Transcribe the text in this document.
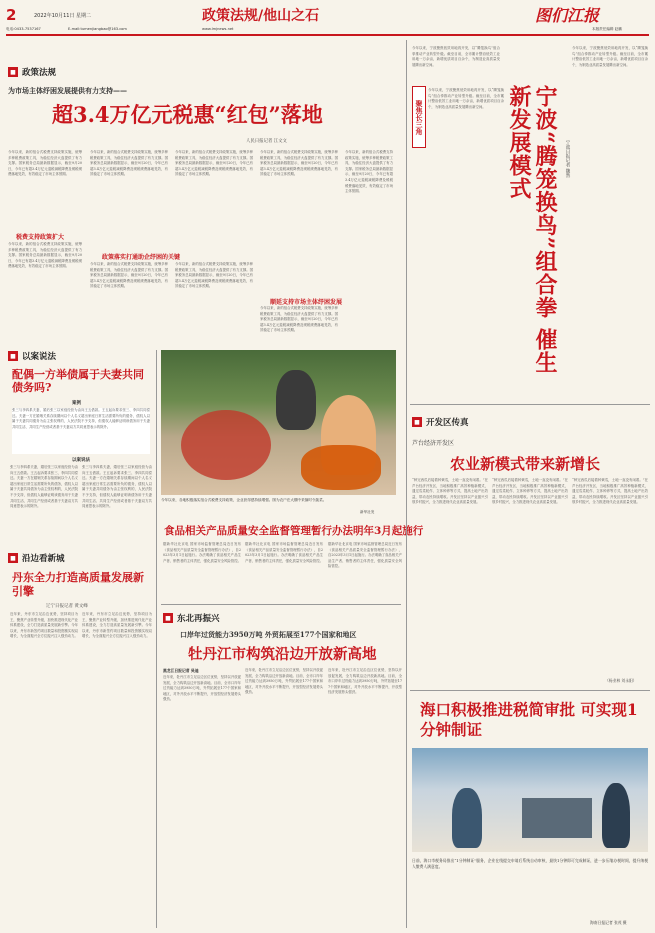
2	2022年10月11日 星期二	政策法规/他山之石	图们江报
电话:0433-7537167	E-mail:tumenjiangbao@163.com	www.lmjnews.net	本版责任编辑 赵鹏
■ 政策法规
为市场主体纾困发展提供有力支持——
超3.4万亿元税惠“红包”落地
人民日报记者 江文文
今年以来，新的组合式税费支持政策实施，统筹多种税费政策工具，为稳住经济大盘提供了有力支撑。国家税务总局最新数据显示，截至9月20日，今年已有超3.4万亿元退税减税降费及缓税缓费落地见效，有效稳定了市场主体预期。
税费支持政策扩大
今年以来，新的组合式税费支持政策实施，统筹多种税费政策工具，为稳住经济大盘提供了有力支撑。国家税务总局最新数据显示，截至9月20日，今年已有超3.4万亿元退税减税降费及缓税缓费落地见效，有效稳定了市场主体预期。
今年以来，新的组合式税费支持政策实施，统筹多种税费政策工具，为稳住经济大盘提供了有力支撑。国家税务总局最新数据显示，截至9月20日，今年已有超3.4万亿元退税减税降费及缓税缓费落地见效，有效稳定了市场主体预期。
政策落实打通助企纾困的关键
今年以来，新的组合式税费支持政策实施，统筹多种税费政策工具，为稳住经济大盘提供了有力支撑。国家税务总局最新数据显示，截至9月20日，今年已有超3.4万亿元退税减税降费及缓税缓费落地见效，有效稳定了市场主体预期。
今年以来，新的组合式税费支持政策实施，统筹多种税费政策工具，为稳住经济大盘提供了有力支撑。国家税务总局最新数据显示，截至9月20日，今年已有超3.4万亿元退税减税降费及缓税缓费落地见效，有效稳定了市场主体预期。
今年以来，新的组合式税费支持政策实施，统筹多种税费政策工具，为稳住经济大盘提供了有力支撑。国家税务总局最新数据显示，截至9月20日，今年已有超3.4万亿元退税减税降费及缓税缓费落地见效，有效稳定了市场主体预期。
顺延支持市场主体纾困发展
今年以来，新的组合式税费支持政策实施，统筹多种税费政策工具，为稳住经济大盘提供了有力支撑。国家税务总局最新数据显示，截至9月20日，今年已有超3.4万亿元退税减税降费及缓税缓费落地见效，有效稳定了市场主体预期。
今年以来，新的组合式税费支持政策实施，统筹多种税费政策工具，为稳住经济大盘提供了有力支撑。国家税务总局最新数据显示，截至9月20日，今年已有超3.4万亿元退税减税降费及缓税缓费落地见效，有效稳定了市场主体预期。
今年以来，新的组合式税费支持政策实施，统筹多种税费政策工具，为稳住经济大盘提供了有力支撑。国家税务总局最新数据显示，截至9月20日，今年已有超3.4万亿元退税减税降费及缓税缓费落地见效，有效稳定了市场主体预期。
今年以来，各地积极落实组合式税费支持政策，企业获得感持续增强。图为农户在大棚中采摘时令蔬菜。
新华社发
■ 以案说法
配偶一方举债属于夫妻共同债务吗?
案例
张三与李四系夫妻，婚后张三以家庭经营为由向王五借款。王五起诉要求张三、李四共同偿还。夫妻一方在婚姻关系存续期间以个人名义超出家庭日常生活需要所负的债务，债权人以属于夫妻共同债务为由主张权利的，人民法院不予支持，但债权人能够证明该债务用于夫妻共同生活、共同生产经营或者基于夫妻双方共同意思表示的除外。
以案说法
张三与李四系夫妻，婚后张三以家庭经营为由向王五借款。王五起诉要求张三、李四共同偿还。夫妻一方在婚姻关系存续期间以个人名义超出家庭日常生活需要所负的债务，债权人以属于夫妻共同债务为由主张权利的，人民法院不予支持，但债权人能够证明该债务用于夫妻共同生活、共同生产经营或者基于夫妻双方共同意思表示的除外。
张三与李四系夫妻，婚后张三以家庭经营为由向王五借款。王五起诉要求张三、李四共同偿还。夫妻一方在婚姻关系存续期间以个人名义超出家庭日常生活需要所负的债务，债权人以属于夫妻共同债务为由主张权利的，人民法院不予支持，但债权人能够证明该债务用于夫妻共同生活、共同生产经营或者基于夫妻双方共同意思表示的除外。
食品相关产品质量安全监督管理暂行办法明年3月起施行
据新华社北京电 国家市场监督管理总局近日发布《食品相关产品质量安全监督管理暂行办法》，自2023年3月1日起施行。办法明确了食品相关产品生产者、销售者的主体责任，强化质量安全风险管控。
据新华社北京电 国家市场监督管理总局近日发布《食品相关产品质量安全监督管理暂行办法》，自2023年3月1日起施行。办法明确了食品相关产品生产者、销售者的主体责任，强化质量安全风险管控。
据新华社北京电 国家市场监督管理总局近日发布《食品相关产品质量安全监督管理暂行办法》，自2023年3月1日起施行。办法明确了食品相关产品生产者、销售者的主体责任，强化质量安全风险管控。
■ 沿边看新城
丹东全力打造高质量发展新引擎
辽宁日报记者 黄文峰
近年来，丹东市立足沿边优势，坚持项目为王，聚焦产业转型升级，加快推进现代化产业体系建设，全力打造高质量发展新引擎。今年以来，丹东市新签约项目数量和投资额实现双增长，为全面振兴全方位振兴注入强劲动力。
近年来，丹东市立足沿边优势，坚持项目为王，聚焦产业转型升级，加快推进现代化产业体系建设，全力打造高质量发展新引擎。今年以来，丹东市新签约项目数量和投资额实现双增长，为全面振兴全方位振兴注入强劲动力。
■ 东北再振兴
口岸年过货能力3950万吨 外贸拓展至177个国家和地区
牡丹江市构筑沿边开放新高地
黑龙江日报记者 吴迪
近年来，牡丹江市立足沿边区位优势，坚持以开放促发展，全力构筑沿边开放新高地。目前，全市口岸年过货能力达到3950万吨，外贸拓展至177个国家和地区，对外开放水平不断提升，开放型经济发展势头强劲。
近年来，牡丹江市立足沿边区位优势，坚持以开放促发展，全力构筑沿边开放新高地。目前，全市口岸年过货能力达到3950万吨，外贸拓展至177个国家和地区，对外开放水平不断提升，开放型经济发展势头强劲。
近年来，牡丹江市立足沿边区位优势，坚持以开放促发展，全力构筑沿边开放新高地。目前，全市口岸年过货能力达到3950万吨，外贸拓展至177个国家和地区，对外开放水平不断提升，开放型经济发展势头强劲。
今年以来，宁波聚焦低效用地再开发，以“腾笼换鸟”组合拳推动产业转型升级。截至目前，全市累计整治低效工业用地一万余亩，新增优质项目百余个，为制造业高质量发展腾出新空间。
聚焦长三角	宁波“腾笼换鸟”组合拳 催生新发展模式	宁波日报记者 魏然
今年以来，宁波聚焦低效用地再开发，以“腾笼换鸟”组合拳推动产业转型升级。截至目前，全市累计整治低效工业用地一万余亩，新增优质项目百余个，为制造业高质量发展腾出新空间。
今年以来，宁波聚焦低效用地再开发，以“腾笼换鸟”组合拳推动产业转型升级。截至目前，全市累计整治低效工业用地一万余亩，新增优质项目百余个，为制造业高质量发展腾出新空间。
■ 开发区传真
芦台经济开发区
农业新模式带来新增长
“种完西瓜后接着种黄瓜，土地一直没有闲着。”在芦台经济开发区，当地积极推广高效种植新模式，通过瓜菜轮作、立体种养等方式，提高土地产出效益，带动农民持续增收。开发区坚持以产业振兴引领乡村振兴，全力推进现代农业高质量发展。
“种完西瓜后接着种黄瓜，土地一直没有闲着。”在芦台经济开发区，当地积极推广高效种植新模式，通过瓜菜轮作、立体种养等方式，提高土地产出效益，带动农民持续增收。开发区坚持以产业振兴引领乡村振兴，全力推进现代农业高质量发展。
“种完西瓜后接着种黄瓜，土地一直没有闲着。”在芦台经济开发区，当地积极推广高效种植新模式，通过瓜菜轮作、立体种养等方式，提高土地产出效益，带动农民持续增收。开发区坚持以产业振兴引领乡村振兴，全力推进现代农业高质量发展。
（杨业林 刘永阳）
海口积极推进税简审批 可实现1分钟制证
日前，海口市税务局推出“1分钟制证”服务，企业在线提交申请后系统自动审核，最快1分钟即可完成制证，进一步压缩办税时间，提升纳税人缴费人满意度。
海南日报记者 张茂 摄
